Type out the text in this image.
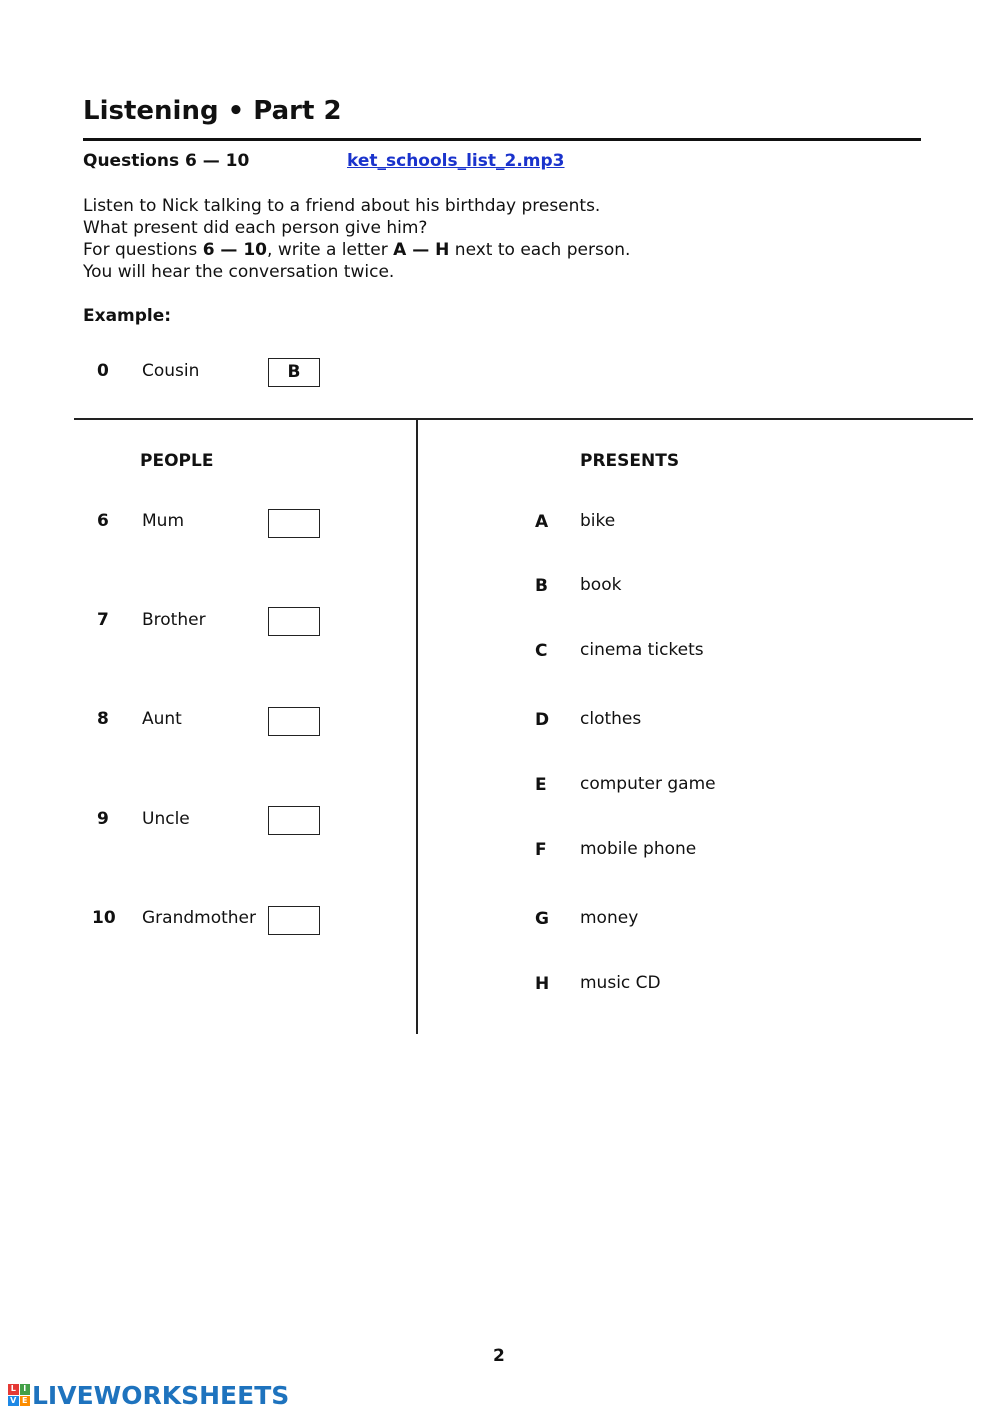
Listening • Part 2
Questions 6 — 10	ket_schools_list_2.mp3
Listen to Nick talking to a friend about his birthday presents.
What present did each person give him?
For questions 6 — 10, write a letter A — H next to each person.
You will hear the conversation twice.
Example:
0 Cousin	B
PEOPLE	PRESENTS
6 Mum
7 Brother
8 Aunt
9 Uncle
10 Grandmother
A bike
B book
C cinema tickets
D clothes
E computer game
F mobile phone
G money
H music CD
2
L I
V E LIVEWORKSHEETS
